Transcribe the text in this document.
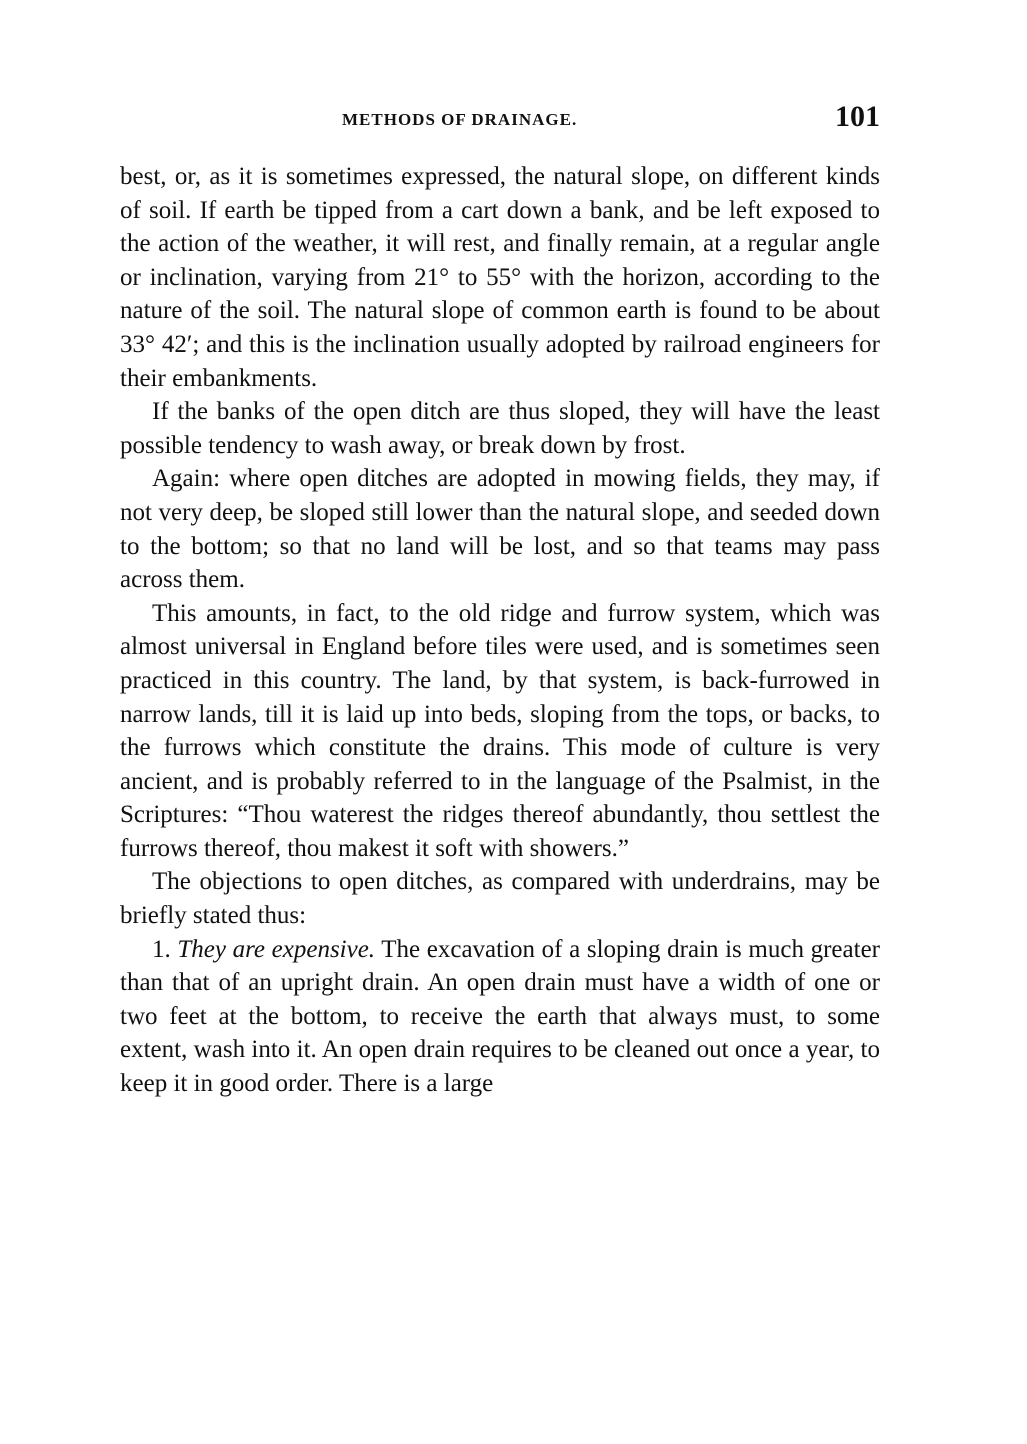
METHODS OF DRAINAGE.	101

best, or, as it is sometimes expressed, the natural slope, on different kinds of soil. If earth be tipped from a cart down a bank, and be left exposed to the action of the weather, it will rest, and finally remain, at a regular angle or inclination, varying from 21° to 55° with the horizon, according to the nature of the soil. The natural slope of common earth is found to be about 33° 42′; and this is the inclination usually adopted by railroad engineers for their embankments.

If the banks of the open ditch are thus sloped, they will have the least possible tendency to wash away, or break down by frost.

Again: where open ditches are adopted in mowing fields, they may, if not very deep, be sloped still lower than the natural slope, and seeded down to the bottom; so that no land will be lost, and so that teams may pass across them.

This amounts, in fact, to the old ridge and furrow system, which was almost universal in England before tiles were used, and is sometimes seen practiced in this country. The land, by that system, is back-furrowed in narrow lands, till it is laid up into beds, sloping from the tops, or backs, to the furrows which constitute the drains. This mode of culture is very ancient, and is probably referred to in the language of the Psalmist, in the Scriptures: “Thou waterest the ridges thereof abundantly, thou settlest the furrows thereof, thou makest it soft with showers.”

The objections to open ditches, as compared with underdrains, may be briefly stated thus:

1. They are expensive. The excavation of a sloping drain is much greater than that of an upright drain. An open drain must have a width of one or two feet at the bottom, to receive the earth that always must, to some extent, wash into it. An open drain requires to be cleaned out once a year, to keep it in good order. There is a large
